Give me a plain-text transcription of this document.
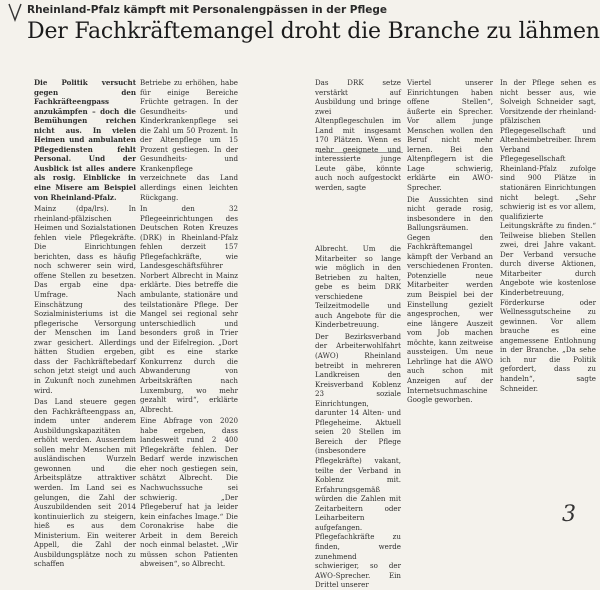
Rheinland-Pfalz kämpft mit Personalengpässen in der Pflege
Der Fachkräftemangel droht die Branche zu lähmen

Die Politik versucht gegen den Fachkräfteengpass anzukämpfen – doch die Bemühungen reichen nicht aus. In vielen Heimen und ambulanten Pflegediensten fehlt Personal. Und der Ausblick ist alles andere als rosig. Einblicke in eine Misere am Beispiel von Rheinland-Pfalz.

Mainz (dpa/lrs). In rheinland-pfälzischen Heimen und Sozialstationen fehlen viele Pflegekräfte. Die Einrichtungen berichten, dass es häufig noch schwerer sein wird, offene Stellen zu besetzen. Das ergab eine dpa-Umfrage. Nach Einschätzung des Sozialministeriums ist die pflegerische Versorgung der Menschen im Land zwar gesichert. Allerdings hätten Studien ergeben, dass der Fachkräftebedarf schon jetzt steigt und auch in Zukunft noch zunehmen wird.

Das Land steuere gegen den Fachkräfteengpass an, indem unter anderem Ausbildungskapazitäten erhöht werden. Ausserdem sollen mehr Menschen mit ausländischen Wurzeln gewonnen und die Arbeitsplätze attraktiver werden. Im Land sei es gelungen, die Zahl der Auszubildenden seit 2014 kontinuierlich zu steigern, hieß es aus dem Ministerium. Ein weiterer Appell, die Zahl der Ausbildungsplätze noch zu schaffen

Betriebe zu erhöhen, habe für einige Bereiche Früchte getragen. In der Gesundheits- und Kinderkrankenpflege sei die Zahl um 50 Prozent. In der Altenpflege um 15 Prozent gestiegen. In der Gesundheits- und Krankenpflege verzeichnete das Land allerdings einen leichten Rückgang.

In den 32 Pflegeeinrichtungen des Deutschen Roten Kreuzes (DRK) in Rheinland-Pfalz fehlen derzeit 157 Pflegefachkräfte, wie Landesgeschäftsführer Norbert Albrecht in Mainz erklärte. Dies betreffe die ambulante, stationäre und teilstationäre Pflege. Der Mangel sei regional sehr unterschiedlich und besonders groß in Trier und der Eifelregion. „Dort gibt es eine starke Konkurrenz durch die Abwanderung von Arbeitskräften nach Luxemburg, wo mehr gezahlt wird“, erklärte Albrecht.

Eine Abfrage von 2020 habe ergeben, dass landesweit rund 2 400 Pflegekräfte fehlen. Der Bedarf werde inzwischen eher noch gestiegen sein, schätzt Albrecht. Die Nachwuchssuche sei schwierig. „Der Pflegeberuf hat ja leider kein einfaches Image.“ Die Coronakrise habe die Arbeit in dem Bereich noch einmal belastet. „Wir müssen schon Patienten abweisen“, so Albrecht.

Das DRK setze verstärkt auf Ausbildung und bringe zwei Altenpflegeschulen im Land mit insgesamt 170 Plätzen. Wenn es mehr geeignete und interessierte junge Leute gäbe, könnte auch noch aufgestockt werden, sagte

Albrecht. Um die Mitarbeiter so lange wie möglich in den Betrieben zu halten, gebe es beim DRK verschiedene Teilzeitmodelle und auch Angebote für die Kinderbetreuung.

Der Bezirksverband der Arbeiterwohlfahrt (AWO) Rheinland betreibt in mehreren Landkreisen den Kreisverband Koblenz 23 soziale Einrichtungen, darunter 14 Alten- und Pflegeheime. Aktuell seien 20 Stellen im Bereich der Pflege (insbesondere Pflegekräfte) vakant, teilte der Verband in Koblenz mit. Erfahrungsgemäß würden die Zahlen mit Zeitarbeitern oder Leiharbeitern aufgefangen. Pflegefachkräfte zu finden, werde zunehmend schwieriger, so der AWO-Sprecher. Ein Drittel unserer

Viertel unserer Einrichtungen haben offene Stellen“, äußerte ein Sprecher. Vor allem junge Menschen wollen den Beruf nicht mehr lernen. Bei den Altenpflegern ist die Lage schwierig, erklärte ein AWO-Sprecher.

Die Aussichten sind nicht gerade rosig, insbesondere in den Ballungsräumen. Gegen den Fachkräftemangel kämpft der Verband an verschiedenen Fronten. Potenzielle neue Mitarbeiter werden zum Beispiel bei der Einstellung gezielt angesprochen, wer eine längere Auszeit vom Job machen möchte, kann zeitweise aussteigen. Um neue Lehrlinge hat die AWO auch schon mit Anzeigen auf der Internetsuchmaschine Google geworben.

In der Pflege sehen es nicht besser aus, wie Solveigh Schneider sagt, Vorsitzende der rheinland-pfälzischen Pflegegesellschaft und Altenheimbetreiber. Ihrem Verband Pflegegesellschaft Rheinland-Pfalz zufolge sind 900 Plätze in stationären Einrichtungen nicht belegt. „Sehr schwierig ist es vor allem, qualifizierte Leitungskräfte zu finden.“ Teilweise blieben Stellen zwei, drei Jahre vakant. Der Verband versuche durch diverse Aktionen, Mitarbeiter durch Angebote wie kostenlose Kinderbetreuung, Förderkurse oder Wellnessgutscheine zu gewinnen. Vor allem brauche es eine angemessene Entlohnung in der Branche. „Da sehe ich nur die Politik gefordert, dass zu handeln“, sagte Schneider.

3
